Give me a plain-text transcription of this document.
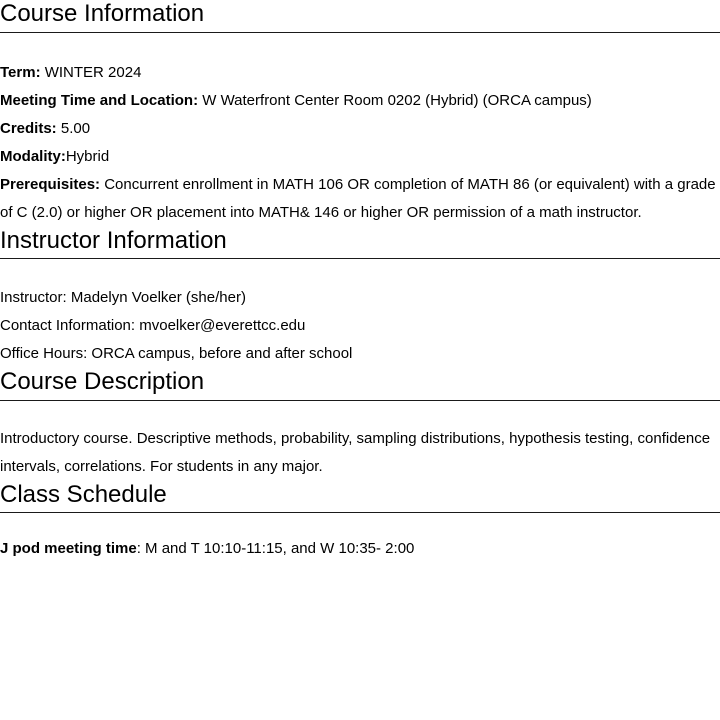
Course Information

Term: WINTER 2024

Meeting Time and Location: W Waterfront Center Room 0202 (Hybrid) (ORCA campus)

Credits: 5.00

Modality:Hybrid

Prerequisites: Concurrent enrollment in MATH 106 OR completion of MATH 86 (or equivalent) with a grade of C (2.0) or higher OR placement into MATH& 146 or higher OR permission of a math instructor.

Instructor Information

Instructor: Madelyn Voelker (she/her)

Contact Information: mvoelker@everettcc.edu

Office Hours: ORCA campus, before and after school

Course Description

Introductory course. Descriptive methods, probability, sampling distributions, hypothesis testing, confidence intervals, correlations. For students in any major.

Class Schedule

J pod meeting time: M and T 10:10-11:15, and W 10:35- 2:00
